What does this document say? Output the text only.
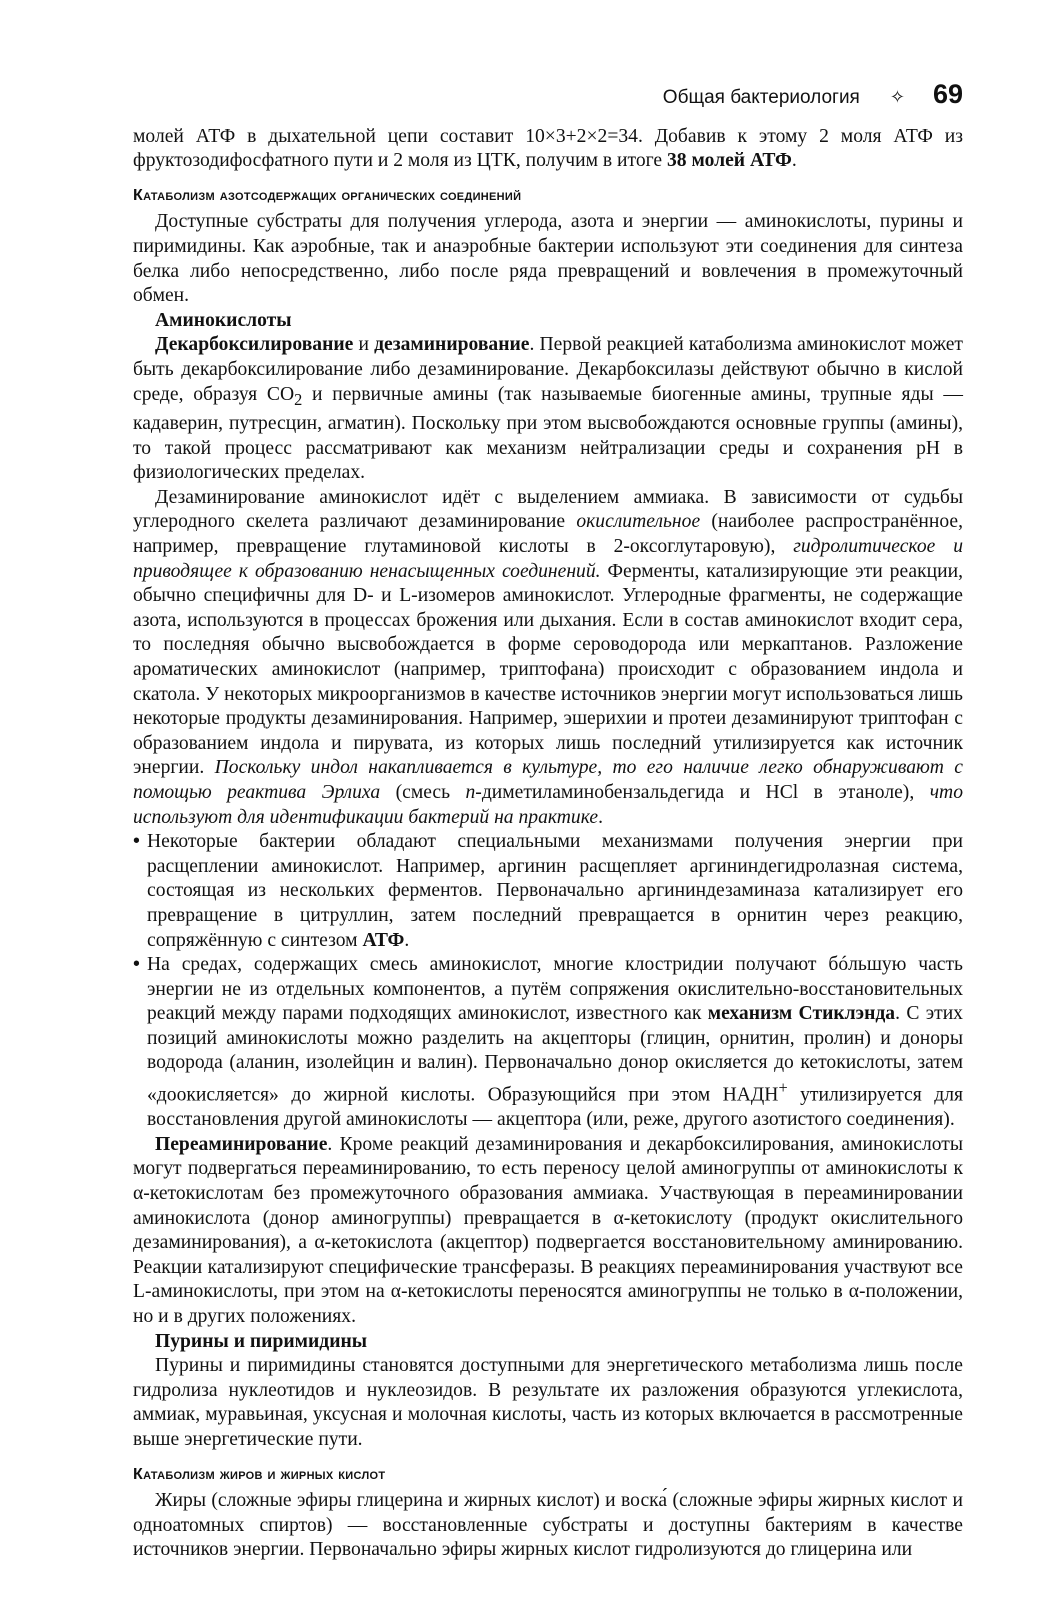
Общая бактериология ✧ 69

молей АТФ в дыхательной цепи составит 10×3+2×2=34. Добавив к этому 2 моля АТФ из фруктозодифосфатного пути и 2 моля из ЦТК, получим в итоге 38 молей АТФ.

Катаболизм азотсодержащих органических соединений

Доступные субстраты для получения углерода, азота и энергии — аминокислоты, пурины и пиримидины. Как аэробные, так и анаэробные бактерии используют эти соединения для синтеза белка либо непосредственно, либо после ряда превращений и вовлечения в промежуточный обмен.

Аминокислоты

Декарбоксилирование и дезаминирование. Первой реакцией катаболизма аминокислот может быть декарбоксилирование либо дезаминирование. Декарбоксилазы действуют обычно в кислой среде, образуя $CO_2$ и первичные амины (так называемые биогенные амины, трупные яды — кадаверин, путресцин, агматин). Поскольку при этом высвобождаются основные группы (амины), то такой процесс рассматривают как механизм нейтрализации среды и сохранения pH в физиологических пределах.

Дезаминирование аминокислот идёт с выделением аммиака. В зависимости от судьбы углеродного скелета различают дезаминирование окислительное (наиболее распространённое, например, превращение глутаминовой кислоты в 2-оксоглутаровую), гидролитическое и приводящее к образованию ненасыщенных соединений. Ферменты, катализирующие эти реакции, обычно специфичны для D- и L-изомеров аминокислот. Углеродные фрагменты, не содержащие азота, используются в процессах брожения или дыхания. Если в состав аминокислот входит сера, то последняя обычно высвобождается в форме сероводорода или меркаптанов. Разложение ароматических аминокислот (например, триптофана) происходит с образованием индола и скатола. У некоторых микроорганизмов в качестве источников энергии могут использоваться лишь некоторые продукты дезаминирования. Например, эшерихии и протеи дезаминируют триптофан с образованием индола и пирувата, из которых лишь последний утилизируется как источник энергии. Поскольку индол накапливается в культуре, то его наличие легко обнаруживают с помощью реактива Эрлиха (смесь п-диметиламинобензальдегида и HCl в этаноле), что используют для идентификации бактерий на практике.

• Некоторые бактерии обладают специальными механизмами получения энергии при расщеплении аминокислот. Например, аргинин расщепляет аргининдегидролазная система, состоящая из нескольких ферментов. Первоначально аргининдезаминаза катализирует его превращение в цитруллин, затем последний превращается в орнитин через реакцию, сопряжённую с синтезом АТФ.

• На средах, содержащих смесь аминокислот, многие клостридии получают бóльшую часть энергии не из отдельных компонентов, а путём сопряжения окислительно-восстановительных реакций между парами подходящих аминокислот, известного как механизм Стиклэнда. С этих позиций аминокислоты можно разделить на акцепторы (глицин, орнитин, пролин) и доноры водорода (аланин, изолейцин и валин). Первоначально донор окисляется до кетокислоты, затем «доокисляется» до жирной кислоты. Образующийся при этом НАДН+ утилизируется для восстановления другой аминокислоты — акцептора (или, реже, другого азотистого соединения).

Переаминирование. Кроме реакций дезаминирования и декарбоксилирования, аминокислоты могут подвергаться переаминированию, то есть переносу целой аминогруппы от аминокислоты к α-кетокислотам без промежуточного образования аммиака. Участвующая в переаминировании аминокислота (донор аминогруппы) превращается в α-кетокислоту (продукт окислительного дезаминирования), а α-кетокислота (акцептор) подвергается восстановительному аминированию. Реакции катализируют специфические трансферазы. В реакциях переаминирования участвуют все L-аминокислоты, при этом на α-кетокислоты переносятся аминогруппы не только в α-положении, но и в других положениях.

Пурины и пиримидины

Пурины и пиримидины становятся доступными для энергетического метаболизма лишь после гидролиза нуклеотидов и нуклеозидов. В результате их разложения образуются углекислота, аммиак, муравьиная, уксусная и молочная кислоты, часть из которых включается в рассмотренные выше энергетические пути.

Катаболизм жиров и жирных кислот

Жиры (сложные эфиры глицерина и жирных кислот) и воска́ (сложные эфиры жирных кислот и одноатомных спиртов) — восстановленные субстраты и доступны бактериям в качестве источников энергии. Первоначально эфиры жирных кислот гидролизуются до глицерина или
